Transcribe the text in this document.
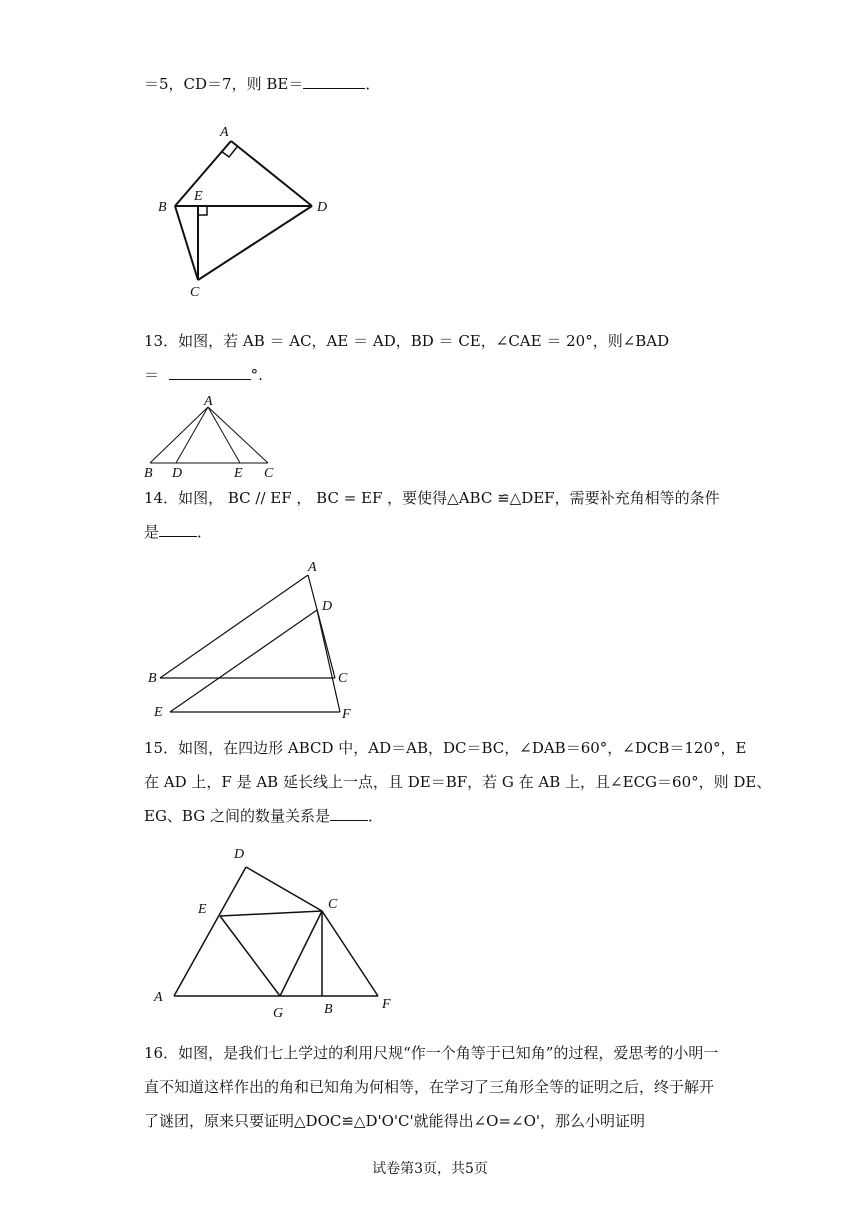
＝5，CD＝7，则 BE＝	．
A
B
E
D
C
13．如图，若 AB ＝ AC，AE ＝ AD，BD ＝ CE，∠CAE ＝ 20°，则∠BAD
＝	°.
A
B D	E C
14．如图， BC // EF ， BC = EF ，要使得△ABC ≌△DEF，需要补充角相等的条件
是	．
A
D
B	C
E	F
15．如图，在四边形 ABCD 中，AD＝AB，DC＝BC，∠DAB＝60°，∠DCB＝120°，E
在 AD 上，F 是 AB 延长线上一点，且 DE＝BF，若 G 在 AB 上，且∠ECG＝60°，则 DE、
EG、BG 之间的数量关系是	．
D
E	C
A
G	B	F
16．如图，是我们七上学过的利用尺规“作一个角等于已知角”的过程，爱思考的小明一
直不知道这样作出的角和已知角为何相等，在学习了三角形全等的证明之后，终于解开
了谜团，原来只要证明△DOC≌△D'O'C'就能得出∠O=∠O'，那么小明证明
试卷第3页，共5页
